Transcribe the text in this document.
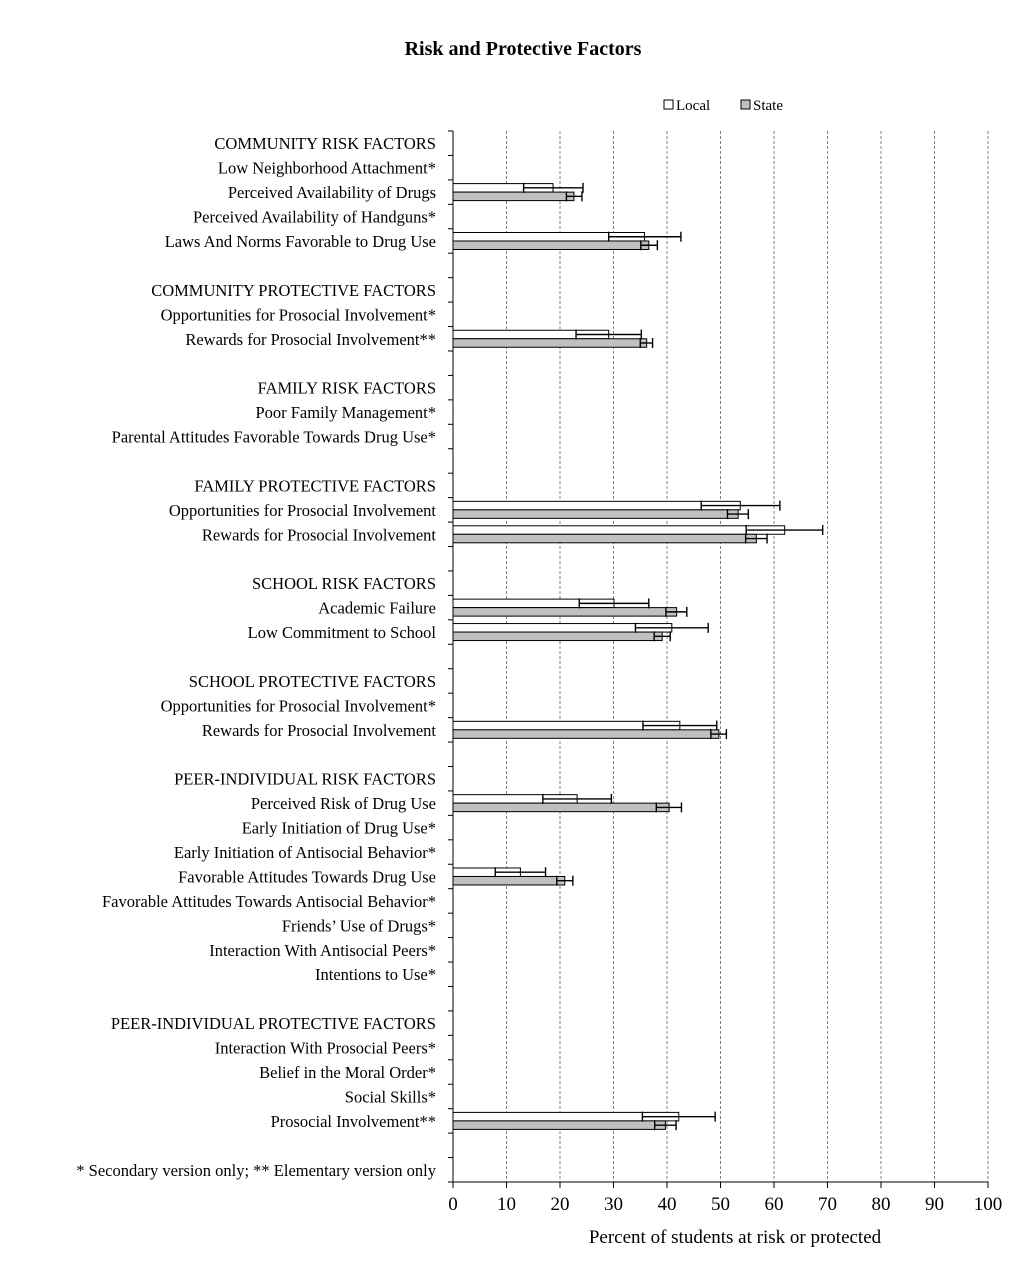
Risk and Protective Factors
Local	State
COMMUNITY RISK FACTORS
Low Neighborhood Attachment*
Perceived Availability of Drugs
Perceived Availability of Handguns*
Laws And Norms Favorable to Drug Use
COMMUNITY PROTECTIVE FACTORS
Opportunities for Prosocial Involvement*
Rewards for Prosocial Involvement**
FAMILY RISK FACTORS
Poor Family Management*
Parental Attitudes Favorable Towards Drug Use*
FAMILY PROTECTIVE FACTORS
Opportunities for Prosocial Involvement
Rewards for Prosocial Involvement
SCHOOL RISK FACTORS
Academic Failure
Low Commitment to School
SCHOOL PROTECTIVE FACTORS
Opportunities for Prosocial Involvement*
Rewards for Prosocial Involvement
PEER-INDIVIDUAL RISK FACTORS
Perceived Risk of Drug Use
Early Initiation of Drug Use*
Early Initiation of Antisocial Behavior*
Favorable Attitudes Towards Drug Use
Favorable Attitudes Towards Antisocial Behavior*
Friends’ Use of Drugs*
Interaction With Antisocial Peers*
Intentions to Use*
PEER-INDIVIDUAL PROTECTIVE FACTORS
Interaction With Prosocial Peers*
Belief in the Moral Order*
Social Skills*
Prosocial Involvement**
* Secondary version only; ** Elementary version only
0 10 20 30 40 50 60 70 80 90 100
Percent of students at risk or protected
